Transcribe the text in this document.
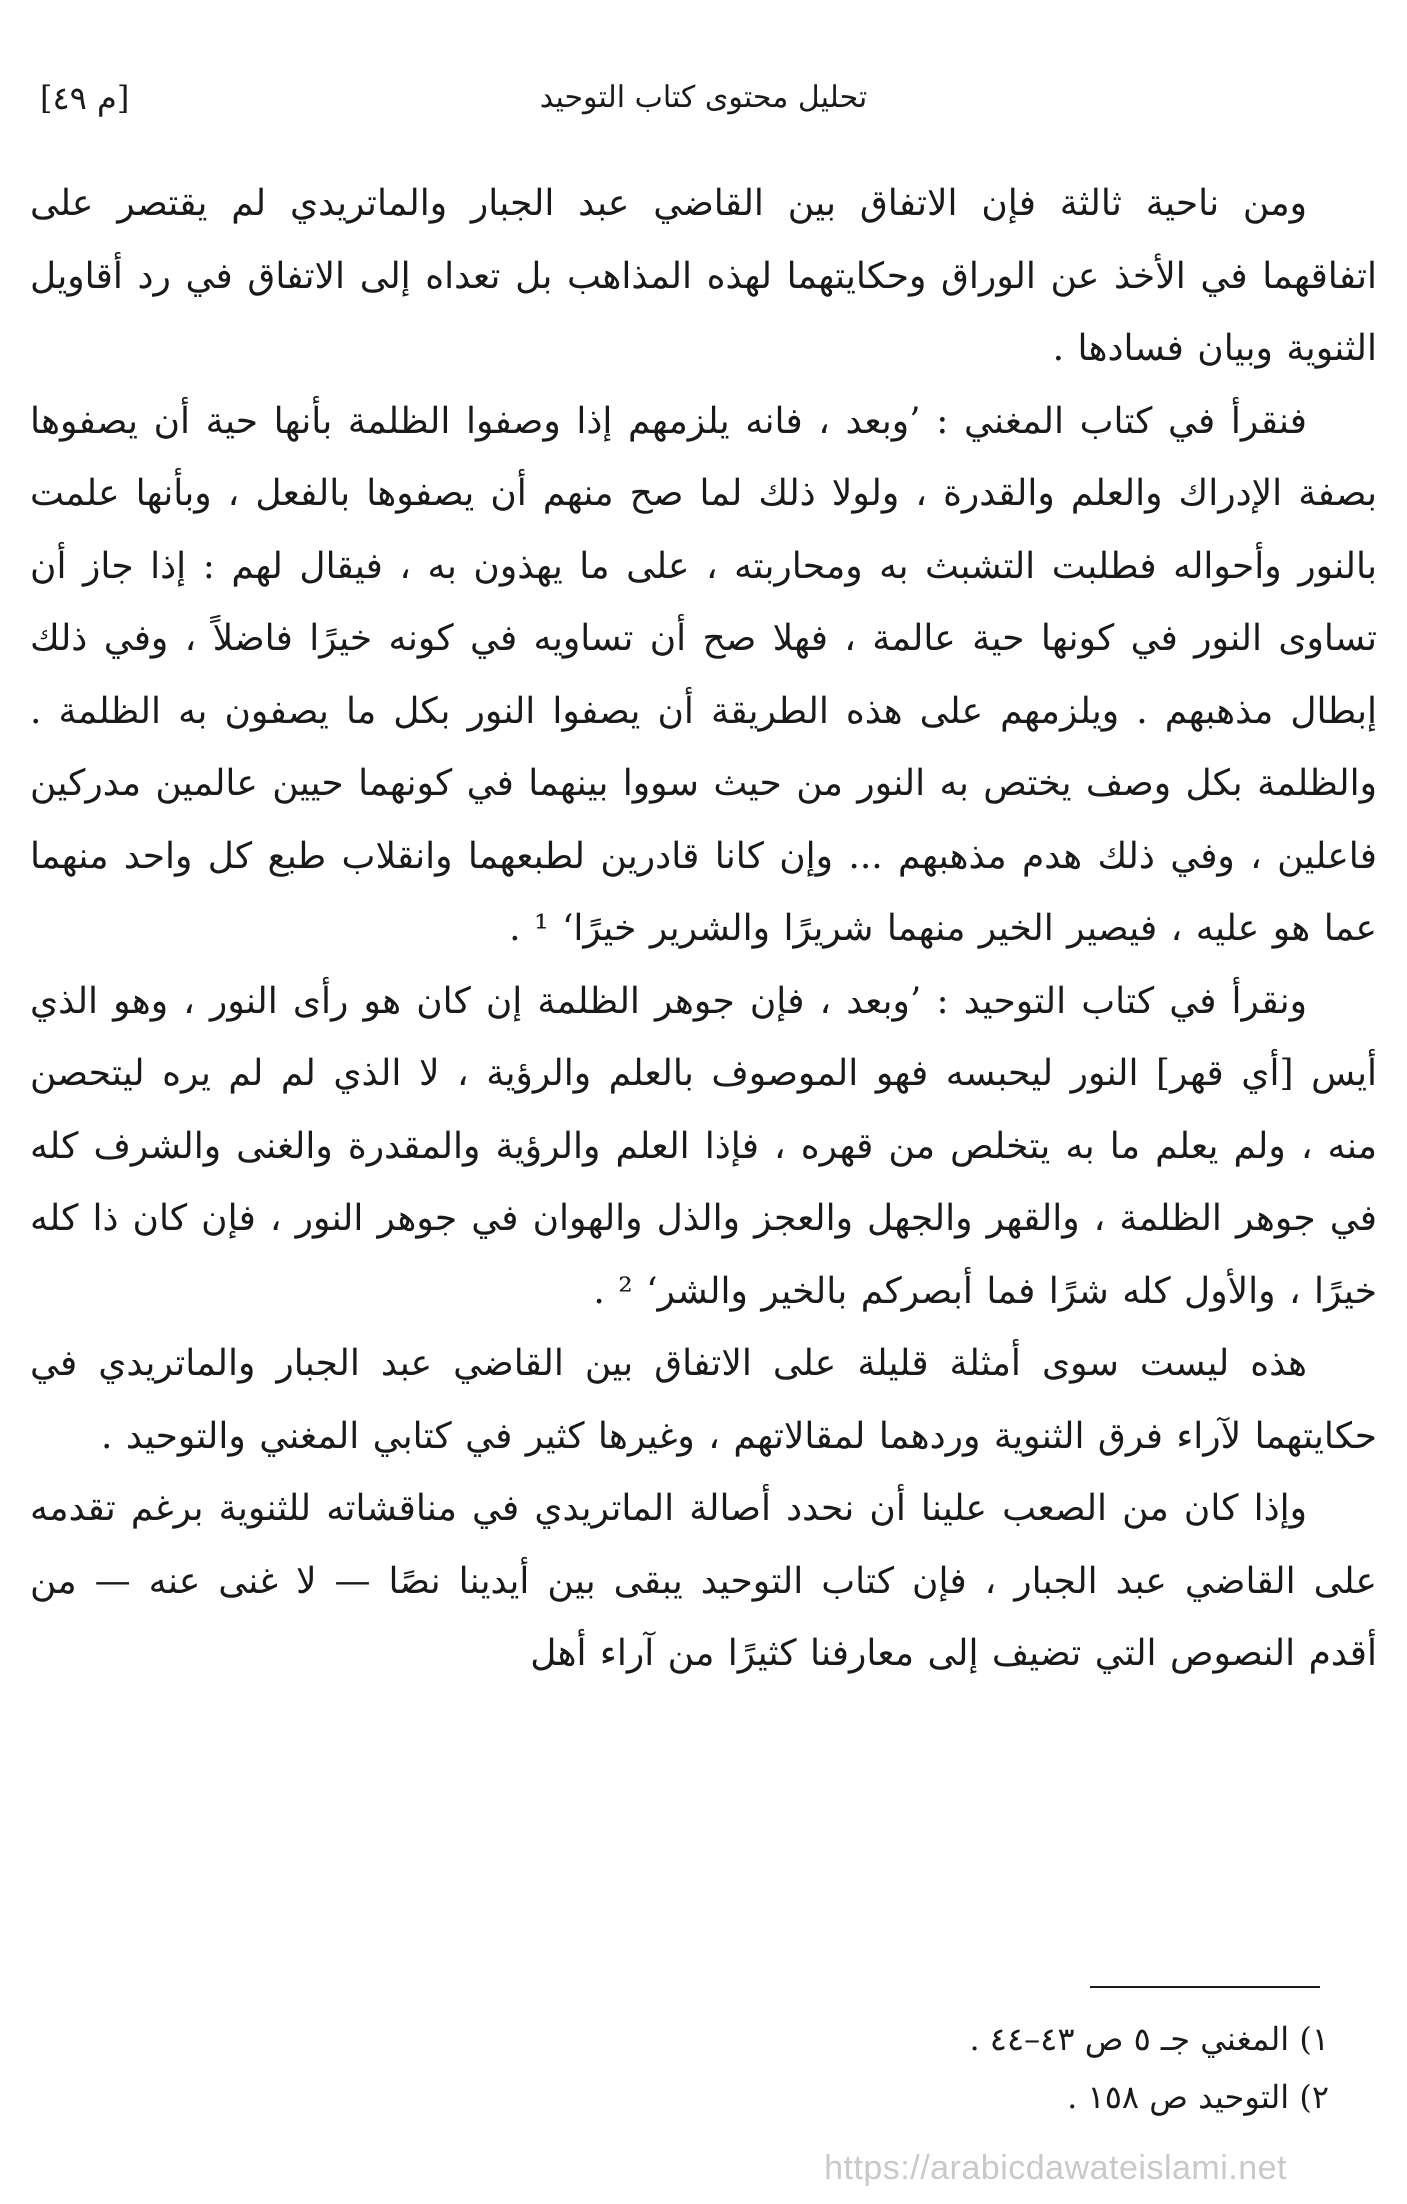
تحليل محتوى كتاب التوحيد
[م ٤٩]

ومن ناحية ثالثة فإن الاتفاق بين القاضي عبد الجبار والماتريدي لم يقتصر على اتفاقهما في الأخذ عن الوراق وحكايتهما لهذه المذاهب بل تعداه إلى الاتفاق في رد أقاويل الثنوية وبيان فسادها .

فنقرأ في كتاب المغني : ’وبعد ، فانه يلزمهم إذا وصفوا الظلمة بأنها حية أن يصفوها بصفة الإدراك والعلم والقدرة ، ولولا ذلك لما صح منهم أن يصفوها بالفعل ، وبأنها علمت بالنور وأحواله فطلبت التشبث به ومحاربته ، على ما يهذون به ، فيقال لهم : إذا جاز أن تساوى النور في كونها حية عالمة ، فهلا صح أن تساويه في كونه خيرًا فاضلاً ، وفي ذلك إبطال مذهبهم . ويلزمهم على هذه الطريقة أن يصفوا النور بكل ما يصفون به الظلمة . والظلمة بكل وصف يختص به النور من حيث سووا بينهما في كونهما حيين عالمين مدركين فاعلين ، وفي ذلك هدم مذهبهم ... وإن كانا قادرين لطبعهما وانقلاب طبع كل واحد منهما عما هو عليه ، فيصير الخير منهما شريرًا والشرير خيرًا‘ ¹ .

ونقرأ في كتاب التوحيد : ’وبعد ، فإن جوهر الظلمة إن كان هو رأى النور ، وهو الذي أيس [أي قهر] النور ليحبسه فهو الموصوف بالعلم والرؤية ، لا الذي لم لم يره ليتحصن منه ، ولم يعلم ما به يتخلص من قهره ، فإذا العلم والرؤية والمقدرة والغنى والشرف كله في جوهر الظلمة ، والقهر والجهل والعجز والذل والهوان في جوهر النور ، فإن كان ذا كله خيرًا ، والأول كله شرًا فما أبصركم بالخير والشر‘ ² .

هذه ليست سوى أمثلة قليلة على الاتفاق بين القاضي عبد الجبار والماتريدي في حكايتهما لآراء فرق الثنوية وردهما لمقالاتهم ، وغيرها كثير في كتابي المغني والتوحيد .

وإذا كان من الصعب علينا أن نحدد أصالة الماتريدي في مناقشاته للثنوية برغم تقدمه على القاضي عبد الجبار ، فإن كتاب التوحيد يبقى بين أيدينا نصًا — لا غنى عنه — من أقدم النصوص التي تضيف إلى معارفنا كثيرًا من آراء أهل

١) المغني جـ ٥ ص ٤٣–٤٤ .

٢) التوحيد ص ١٥٨ .

https://arabicdawateislami.net
